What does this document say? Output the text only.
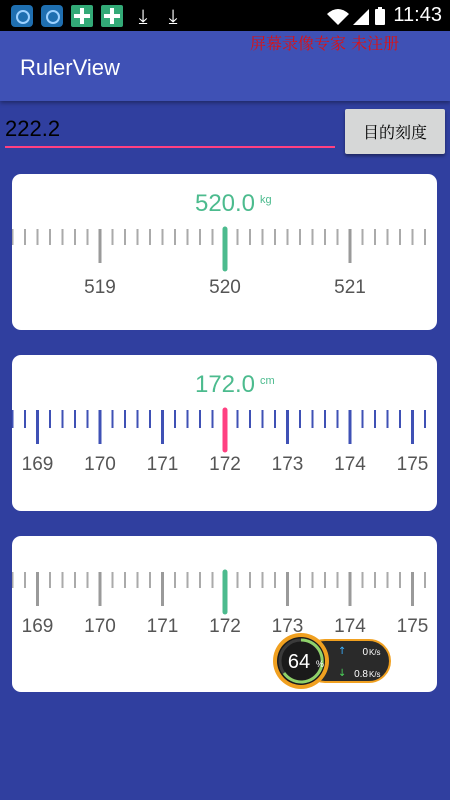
⤓	⤓	11:43
RulerView
屏幕录像专家 未注册
222.2
目的刻度
520.0 kg
519	520	521
172.0 cm
169 170 171 172 173 174 175
169 170 171 172 173 174 175
64 %
↑ 0 K/s
↓ 0.8 K/s
